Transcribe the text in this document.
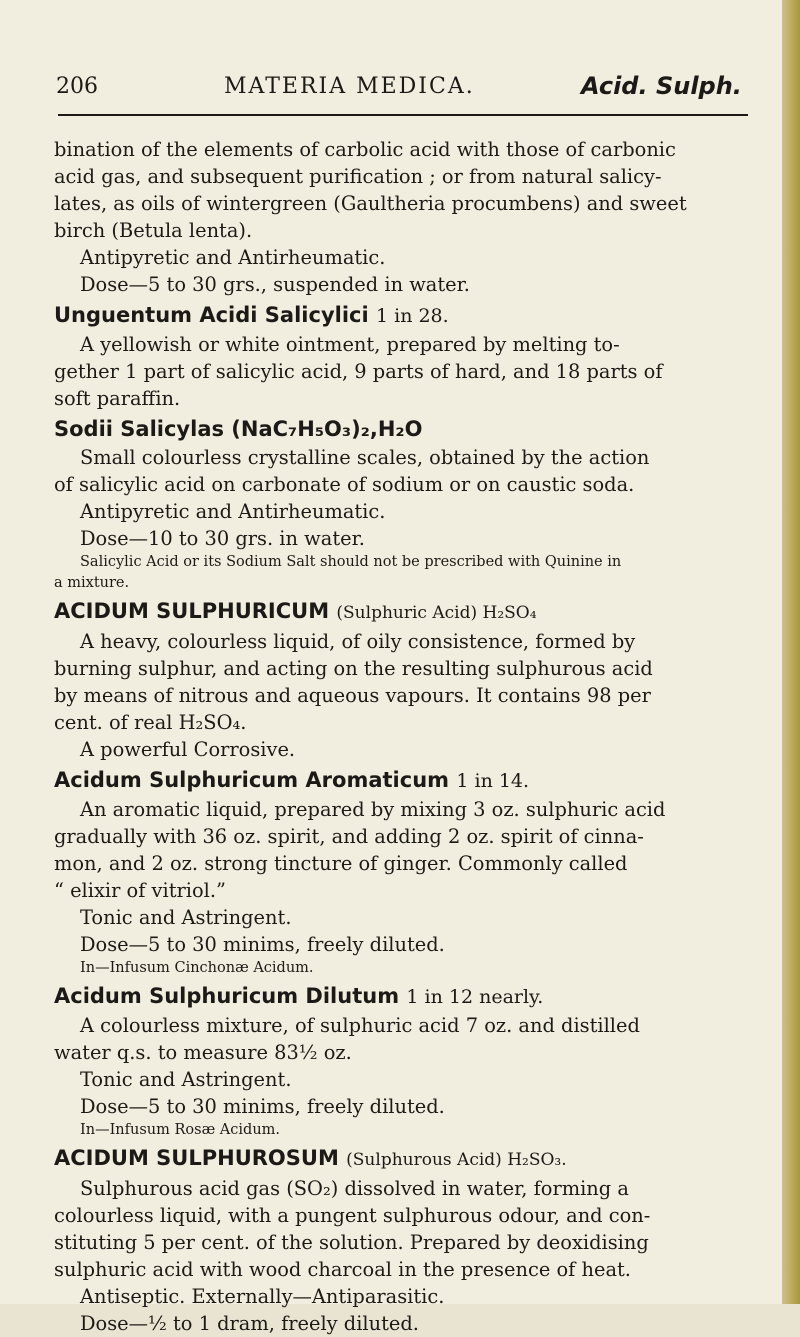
206	MATERIA MEDICA.	Acid. Sulph.
bination of the elements of carbolic acid with those of carbonic
acid gas, and subsequent purification ; or from natural salicy-
lates, as oils of wintergreen (Gaultheria procumbens) and sweet
birch (Betula lenta).
Antipyretic and Antirheumatic.
Dose—5 to 30 grs., suspended in water.
Unguentum Acidi Salicylici 1 in 28.
A yellowish or white ointment, prepared by melting to-
gether 1 part of salicylic acid, 9 parts of hard, and 18 parts of
soft paraffin.
Sodii Salicylas (NaC₇H₅O₃)₂,H₂O
Small colourless crystalline scales, obtained by the action
of salicylic acid on carbonate of sodium or on caustic soda.
Antipyretic and Antirheumatic.
Dose—10 to 30 grs. in water.
Salicylic Acid or its Sodium Salt should not be prescribed with Quinine in
a mixture.
ACIDUM SULPHURICUM (Sulphuric Acid) H₂SO₄
A heavy, colourless liquid, of oily consistence, formed by
burning sulphur, and acting on the resulting sulphurous acid
by means of nitrous and aqueous vapours. It contains 98 per
cent. of real H₂SO₄.
A powerful Corrosive.
Acidum Sulphuricum Aromaticum 1 in 14.
An aromatic liquid, prepared by mixing 3 oz. sulphuric acid
gradually with 36 oz. spirit, and adding 2 oz. spirit of cinna-
mon, and 2 oz. strong tincture of ginger. Commonly called
“ elixir of vitriol.”
Tonic and Astringent.
Dose—5 to 30 minims, freely diluted.
In—Infusum Cinchonæ Acidum.
Acidum Sulphuricum Dilutum 1 in 12 nearly.
A colourless mixture, of sulphuric acid 7 oz. and distilled
water q.s. to measure 83½ oz.
Tonic and Astringent.
Dose—5 to 30 minims, freely diluted.
In—Infusum Rosæ Acidum.
ACIDUM SULPHUROSUM (Sulphurous Acid) H₂SO₃.
Sulphurous acid gas (SO₂) dissolved in water, forming a
colourless liquid, with a pungent sulphurous odour, and con-
stituting 5 per cent. of the solution. Prepared by deoxidising
sulphuric acid with wood charcoal in the presence of heat.
Antiseptic. Externally—Antiparasitic.
Dose—½ to 1 dram, freely diluted.
